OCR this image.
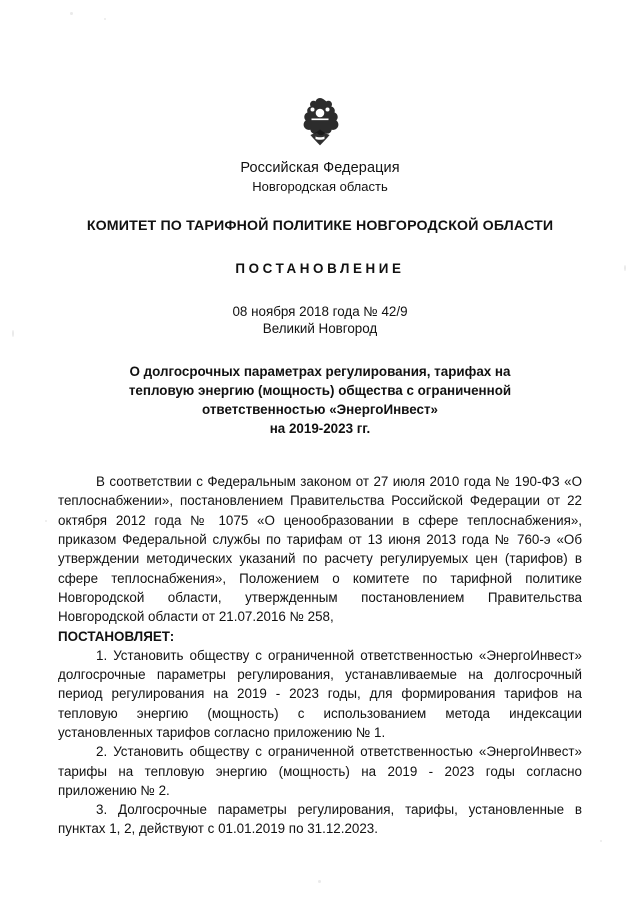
Российская Федерация
Новгородская область
КОМИТЕТ ПО ТАРИФНОЙ ПОЛИТИКЕ НОВГОРОДСКОЙ ОБЛАСТИ
ПОСТАНОВЛЕНИЕ
08 ноября 2018 года № 42/9
Великий Новгород
О долгосрочных параметрах регулирования, тарифах на
тепловую энергию (мощность) общества с ограниченной
ответственностью «ЭнергоИнвест»
на 2019-2023 гг.

В соответствии с Федеральным законом от 27 июля 2010 года № 190-ФЗ «О теплоснабжении», постановлением Правительства Российской Федерации от 22 октября 2012 года № 1075 «О ценообразовании в сфере теплоснабжения», приказом Федеральной службы по тарифам от 13 июня 2013 года № 760-э «Об утверждении методических указаний по расчету регулируемых цен (тарифов) в сфере теплоснабжения», Положением о комитете по тарифной политике Новгородской области, утвержденным постановлением Правительства Новгородской области от 21.07.2016 № 258,

ПОСТАНОВЛЯЕТ:

1. Установить обществу с ограниченной ответственностью «ЭнергоИнвест» долгосрочные параметры регулирования, устанавливаемые на долгосрочный период регулирования на 2019 - 2023 годы, для формирования тарифов на тепловую энергию (мощность) с использованием метода индексации установленных тарифов согласно приложению № 1.

2. Установить обществу с ограниченной ответственностью «ЭнергоИнвест» тарифы на тепловую энергию (мощность) на 2019 - 2023 годы согласно приложению № 2.

3. Долгосрочные параметры регулирования, тарифы, установленные в пунктах 1, 2, действуют с 01.01.2019 по 31.12.2023.
